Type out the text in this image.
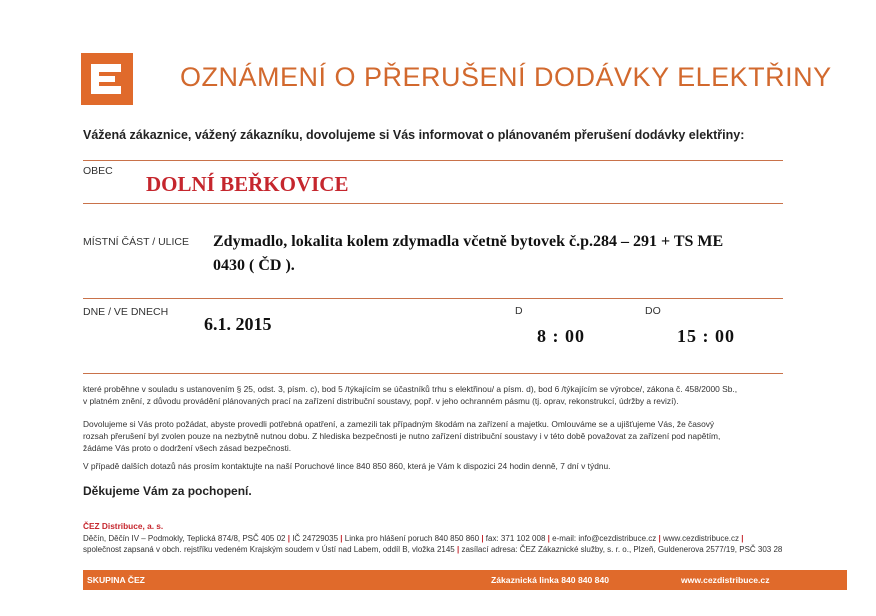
OZNÁMENÍ O PŘERUŠENÍ DODÁVKY ELEKTŘINY
Vážená zákaznice, vážený zákazníku, dovolujeme si Vás informovat o plánovaném přerušení dodávky elektřiny:
OBEC
DOLNÍ BEŘKOVICE
MÍSTNÍ ČÁST / ULICE Zdymadlo, lokalita kolem zdymadla včetně bytovek č.p.284 – 291 + TS ME
0430 ( ČD ).
DNE / VE DNECH
6.1. 2015
D
8 : 00
DO
15 : 00
které proběhne v souladu s ustanovením § 25, odst. 3, písm. c), bod 5 /týkajícím se účastníků trhu s elektřinou/ a písm. d), bod 6 /týkajícím se výrobce/, zákona č. 458/2000 Sb.,
v platném znění, z důvodu provádění plánovaných prací na zařízení distribuční soustavy, popř. v jeho ochranném pásmu (tj. oprav, rekonstrukcí, údržby a revizí).
Dovolujeme si Vás proto požádat, abyste provedli potřebná opatření, a zamezili tak případným škodám na zařízení a majetku. Omlouváme se a ujišťujeme Vás, že časový
rozsah přerušení byl zvolen pouze na nezbytně nutnou dobu. Z hlediska bezpečnosti je nutno zařízení distribuční soustavy i v této době považovat za zařízení pod napětím,
žádáme Vás proto o dodržení všech zásad bezpečnosti.
V případě dalších dotazů nás prosím kontaktujte na naší Poruchové lince 840 850 860, která je Vám k dispozici 24 hodin denně, 7 dní v týdnu.
Děkujeme Vám za pochopení.
ČEZ Distribuce, a. s.
Děčín, Děčín IV – Podmokly, Teplická 874/8, PSČ 405 02 | IČ 24729035 | Linka pro hlášení poruch 840 850 860 | fax: 371 102 008 | e-mail: info@cezdistribuce.cz | www.cezdistribuce.cz |
společnost zapsaná v obch. rejstříku vedeném Krajským soudem v Ústí nad Labem, oddíl B, vložka 2145 | zasílací adresa: ČEZ Zákaznické služby, s. r. o., Plzeň, Guldenerova 2577/19, PSČ 303 28
SKUPINA ČEZ	Zákaznická linka 840 840 840	www.cezdistribuce.cz
